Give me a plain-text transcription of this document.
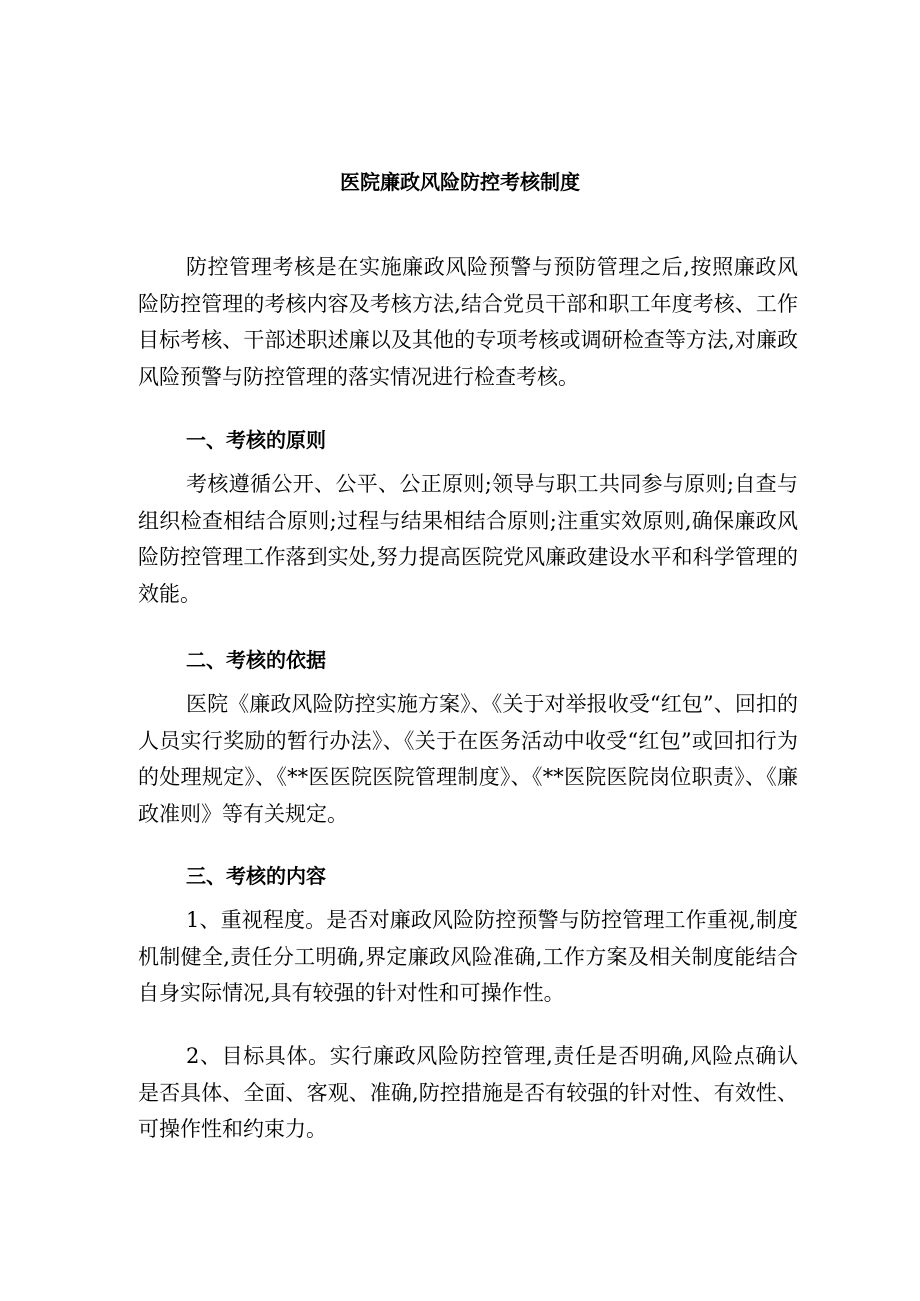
医院廉政风险防控考核制度

防控管理考核是在实施廉政风险预警与预防管理之后,按照廉政风险防控管理的考核内容及考核方法,结合党员干部和职工年度考核、工作目标考核、干部述职述廉以及其他的专项考核或调研检查等方法,对廉政风险预警与防控管理的落实情况进行检查考核。

一、考核的原则

考核遵循公开、公平、公正原则;领导与职工共同参与原则;自查与组织检查相结合原则;过程与结果相结合原则;注重实效原则,确保廉政风险防控管理工作落到实处,努力提高医院党风廉政建设水平和科学管理的效能。

二、考核的依据

医院《廉政风险防控实施方案》、《关于对举报收受“红包”、回扣的人员实行奖励的暂行办法》、《关于在医务活动中收受“红包”或回扣行为的处理规定》、《**医医院医院管理制度》、《**医院医院岗位职责》、《廉政准则》等有关规定。

三、考核的内容

1、重视程度。是否对廉政风险防控预警与防控管理工作重视,制度机制健全,责任分工明确,界定廉政风险准确,工作方案及相关制度能结合自身实际情况,具有较强的针对性和可操作性。

2、目标具体。实行廉政风险防控管理,责任是否明确,风险点确认是否具体、全面、客观、准确,防控措施是否有较强的针对性、有效性、可操作性和约束力。
